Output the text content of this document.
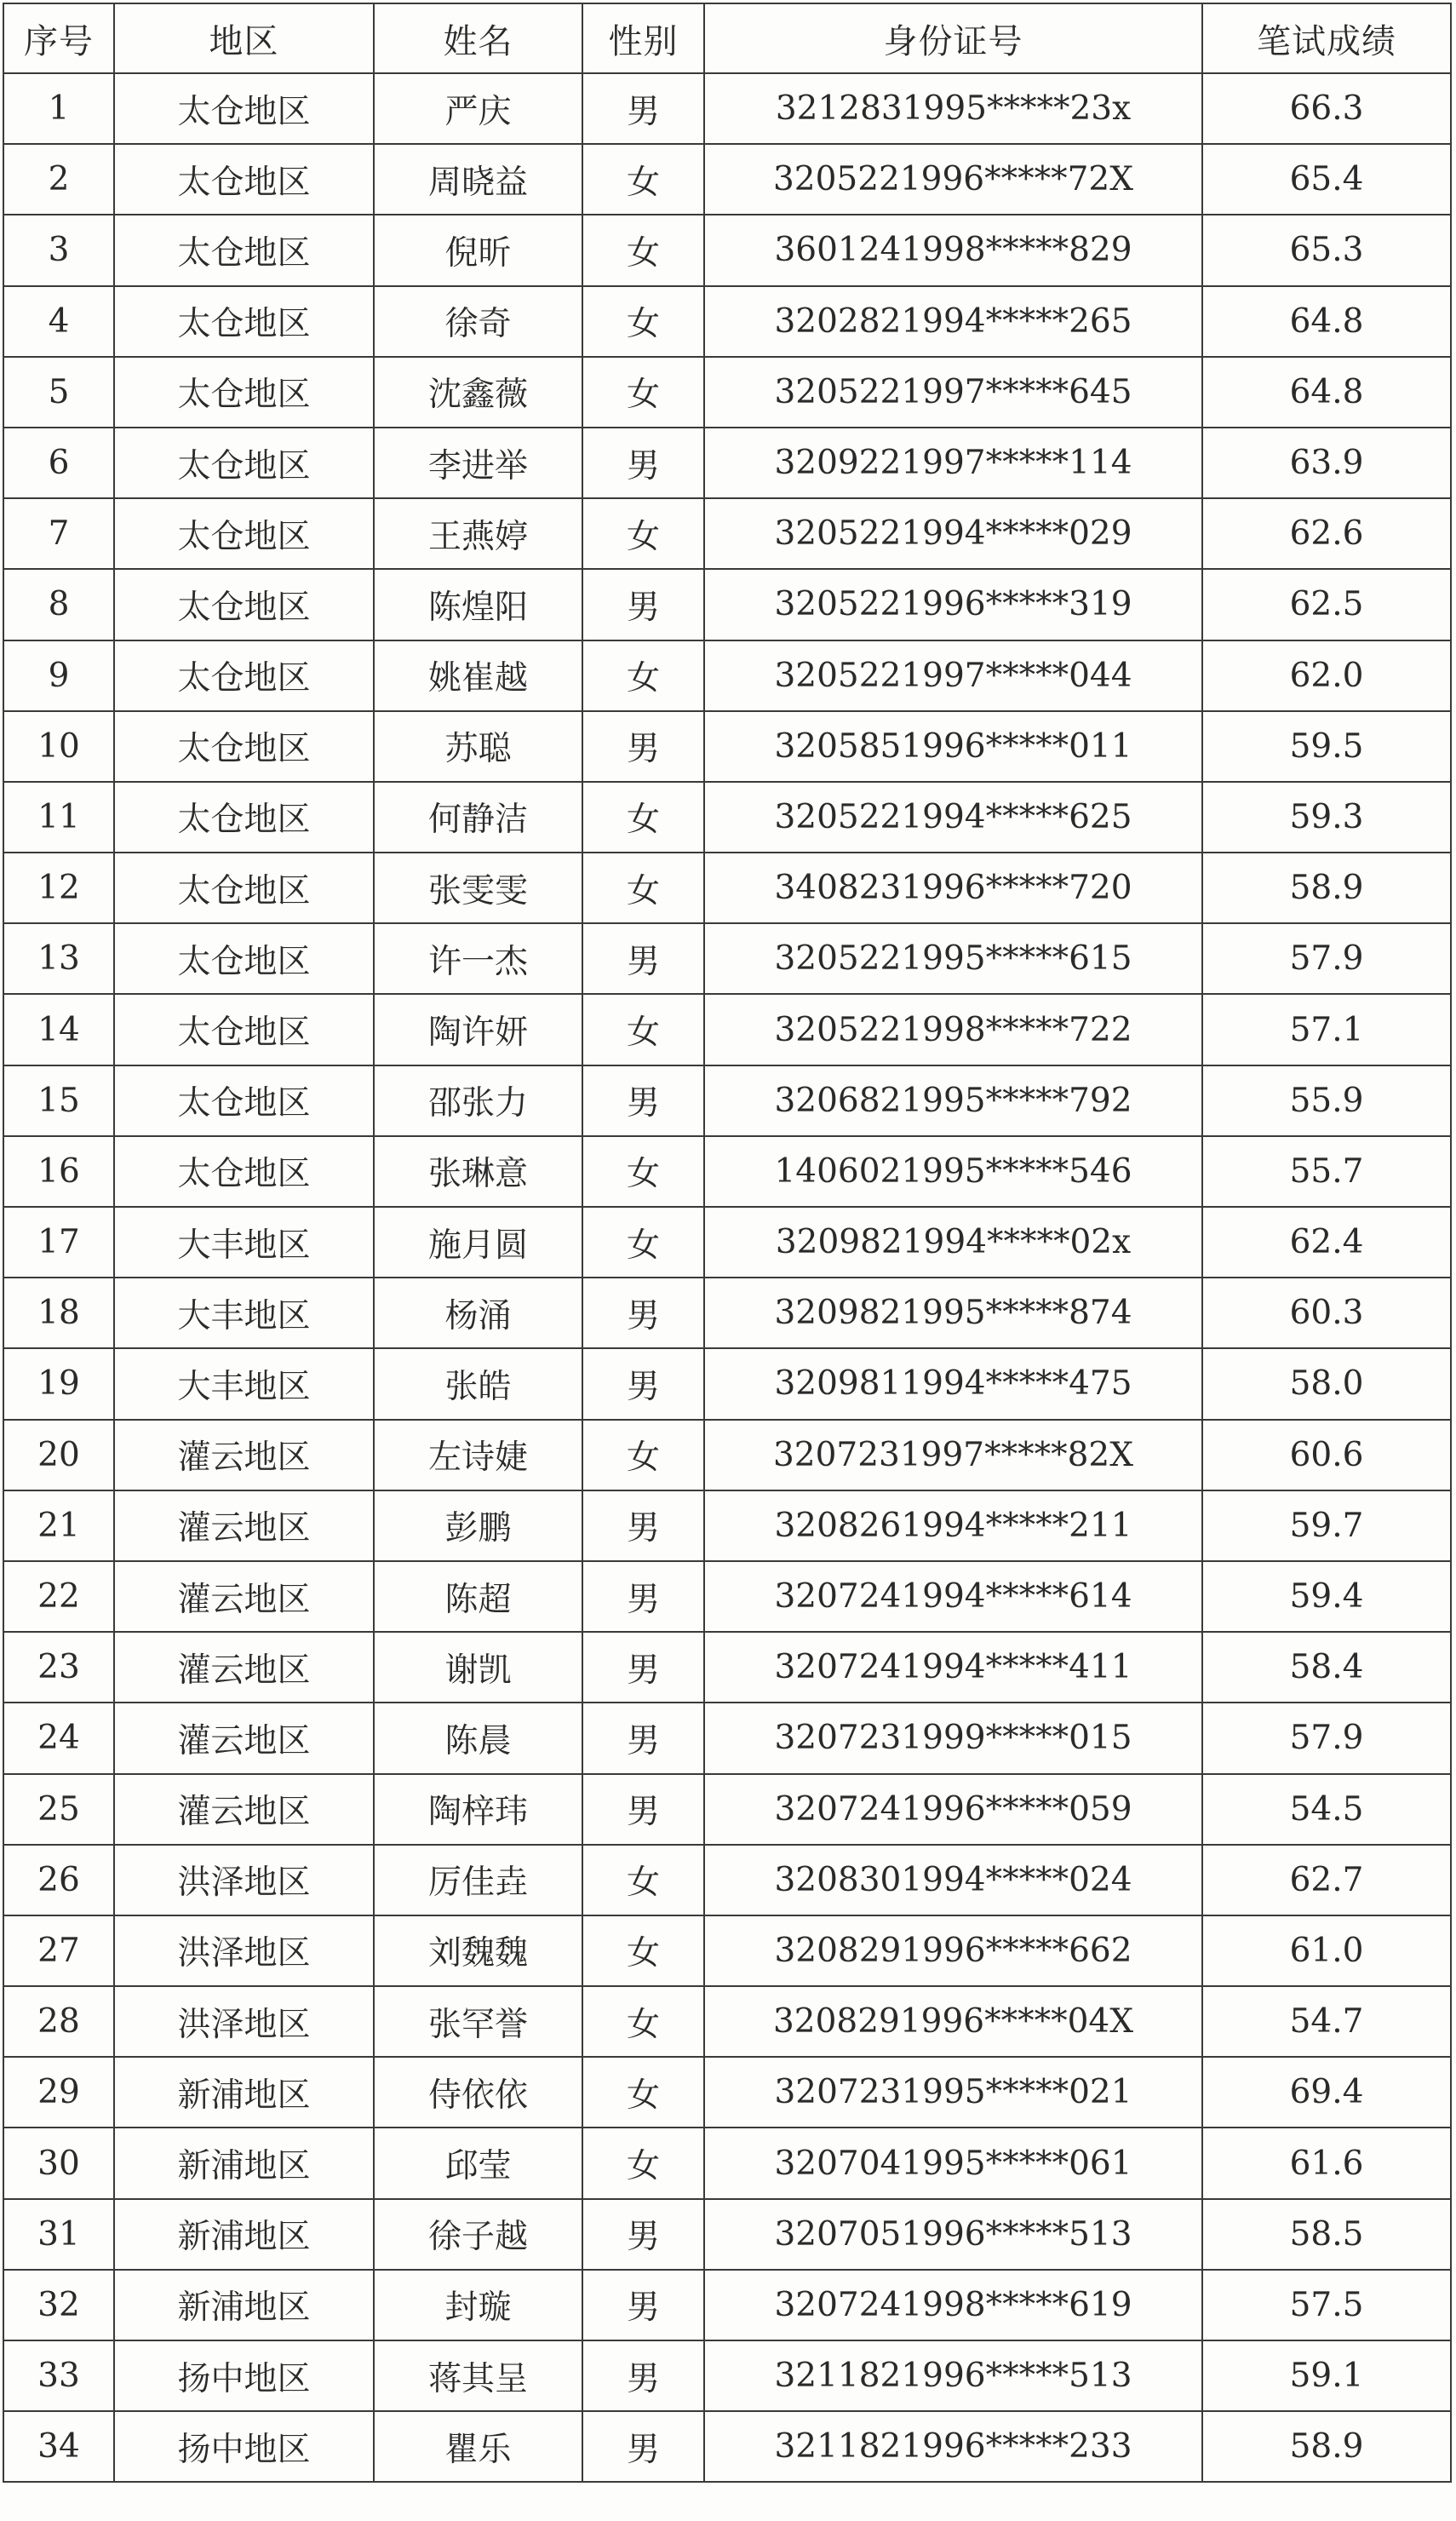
序号	地区	姓名	性别	身份证号	笔试成绩
1	太仓地区	严庆	男	3212831995*****23x	66.3
2	太仓地区	周晓益	女	3205221996*****72X	65.4
3	太仓地区	倪昕	女	3601241998*****829	65.3
4	太仓地区	徐奇	女	3202821994*****265	64.8
5	太仓地区	沈鑫薇	女	3205221997*****645	64.8
6	太仓地区	李进举	男	3209221997*****114	63.9
7	太仓地区	王燕婷	女	3205221994*****029	62.6
8	太仓地区	陈煌阳	男	3205221996*****319	62.5
9	太仓地区	姚崔越	女	3205221997*****044	62.0
10	太仓地区	苏聪	男	3205851996*****011	59.5
11	太仓地区	何静洁	女	3205221994*****625	59.3
12	太仓地区	张雯雯	女	3408231996*****720	58.9
13	太仓地区	许一杰	男	3205221995*****615	57.9
14	太仓地区	陶许妍	女	3205221998*****722	57.1
15	太仓地区	邵张力	男	3206821995*****792	55.9
16	太仓地区	张琳意	女	1406021995*****546	55.7
17	大丰地区	施月圆	女	3209821994*****02x	62.4
18	大丰地区	杨涌	男	3209821995*****874	60.3
19	大丰地区	张皓	男	3209811994*****475	58.0
20	灌云地区	左诗婕	女	3207231997*****82X	60.6
21	灌云地区	彭鹏	男	3208261994*****211	59.7
22	灌云地区	陈超	男	3207241994*****614	59.4
23	灌云地区	谢凯	男	3207241994*****411	58.4
24	灌云地区	陈晨	男	3207231999*****015	57.9
25	灌云地区	陶梓玮	男	3207241996*****059	54.5
26	洪泽地区	厉佳垚	女	3208301994*****024	62.7
27	洪泽地区	刘魏魏	女	3208291996*****662	61.0
28	洪泽地区	张罕誉	女	3208291996*****04X	54.7
29	新浦地区	侍依依	女	3207231995*****021	69.4
30	新浦地区	邱莹	女	3207041995*****061	61.6
31	新浦地区	徐子越	男	3207051996*****513	58.5
32	新浦地区	封璇	男	3207241998*****619	57.5
33	扬中地区	蒋其呈	男	3211821996*****513	59.1
34	扬中地区	瞿乐	男	3211821996*****233	58.9
